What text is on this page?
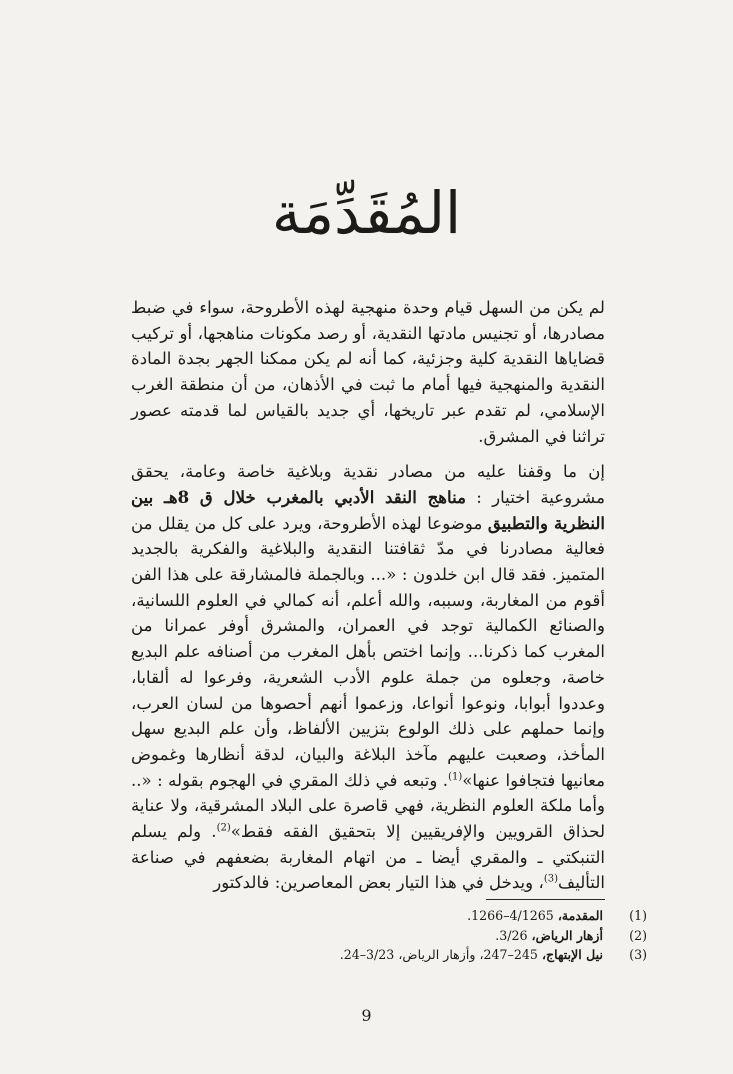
المُقَدِّمَة

لم يكن من السهل قيام وحدة منهجية لهذه الأطروحة، سواء في ضبط مصادرها، أو تجنيس مادتها النقدية، أو رصد مكونات مناهجها، أو تركيب قضاياها النقدية كلية وجزئية، كما أنه لم يكن ممكنا الجهر بجدة المادة النقدية والمنهجية فيها أمام ما ثبت في الأذهان، من أن منطقة الغرب الإسلامي، لم تقدم عبر تاريخها، أي جديد بالقياس لما قدمته عصور تراثنا في المشرق.

إن ما وقفنا عليه من مصادر نقدية وبلاغية خاصة وعامة، يحقق مشروعية اختيار : مناهج النقد الأدبي بالمغرب خلال ق 8هـ بين النظرية والتطبيق موضوعا لهذه الأطروحة، ويرد على كل من يقلل من فعالية مصادرنا في مدّ ثقافتنا النقدية والبلاغية والفكرية بالجديد المتميز. فقد قال ابن خلدون : «... وبالجملة فالمشارقة على هذا الفن أقوم من المغاربة، وسببه، والله أعلم، أنه كمالي في العلوم اللسانية، والصنائع الكمالية توجد في العمران، والمشرق أوفر عمرانا من المغرب كما ذكرنا... وإنما اختص بأهل المغرب من أصنافه علم البديع خاصة، وجعلوه من جملة علوم الأدب الشعرية، وفرعوا له ألقابا، وعددوا أبوابا، ونوعوا أنواعا، وزعموا أنهم أحصوها من لسان العرب، وإنما حملهم على ذلك الولوع بتزيين الألفاظ، وأن علم البديع سهل المأخذ، وصعبت عليهم مآخذ البلاغة والبيان، لدقة أنظارها وغموض معانيها فتجافوا عنها»$^{(1)}$. وتبعه في ذلك المقري في الهجوم بقوله : «.. وأما ملكة العلوم النظرية، فهي قاصرة على البلاد المشرقية، ولا عناية لحذاق القرويين والإفريقيين إلا بتحقيق الفقه فقط»$^{(2)}$. ولم يسلم التنبكتي ـ والمقري أيضا ـ من اتهام المغاربة بضعفهم في صناعة التأليف$^{(3)}$، ويدخل في هذا التيار بعض المعاصرين: فالدكتور

(1)
المقدمة، 4/1265–1266.
(2)
أزهار الرياض، 3/26.
(3)
نيل الإبتهاج، 245–247، وأزهار الرياض، 3/23–24.
9
